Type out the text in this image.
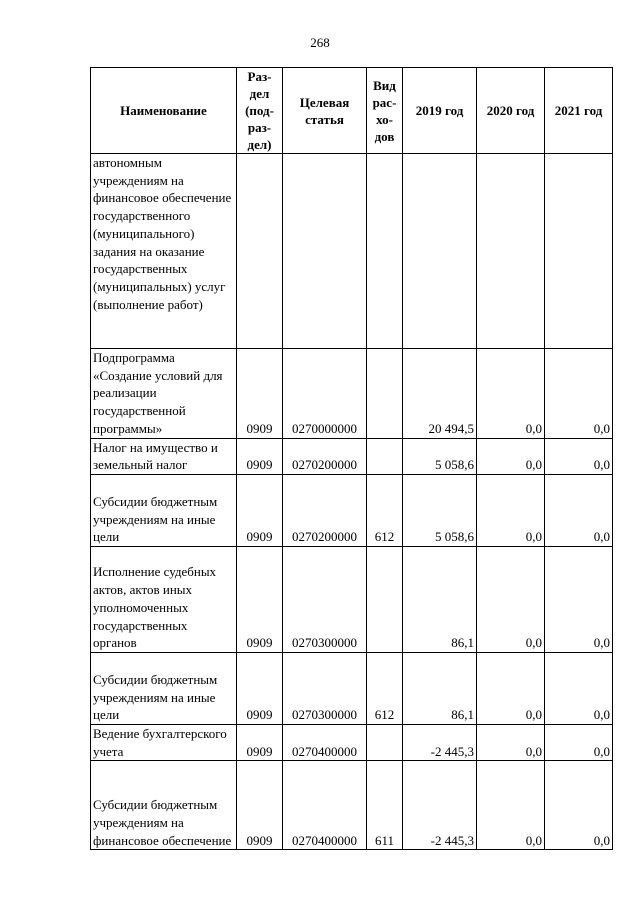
268
Наименование	Раз-дел (под-раз-дел)	Целевая статья	Вид рас-хо-дов	2019 год	2020 год	2021 год
автономным учреждениям на финансовое обеспечение государственного (муниципального) задания на оказание государственных (муниципальных) услуг (выполнение работ)						
Подпрограмма «Создание условий для реализации государственной программы»	0909	0270000000		20 494,5	0,0	0,0
Налог на имущество и земельный налог	0909	0270200000		5 058,6	0,0	0,0
Субсидии бюджетным учреждениям на иные цели	0909	0270200000	612	5 058,6	0,0	0,0
Исполнение судебных актов, актов иных уполномоченных государственных органов	0909	0270300000		86,1	0,0	0,0
Субсидии бюджетным учреждениям на иные цели	0909	0270300000	612	86,1	0,0	0,0
Ведение бухгалтерского учета	0909	0270400000		-2 445,3	0,0	0,0
Субсидии бюджетным учреждениям на финансовое обеспечение	0909	0270400000	611	-2 445,3	0,0	0,0
